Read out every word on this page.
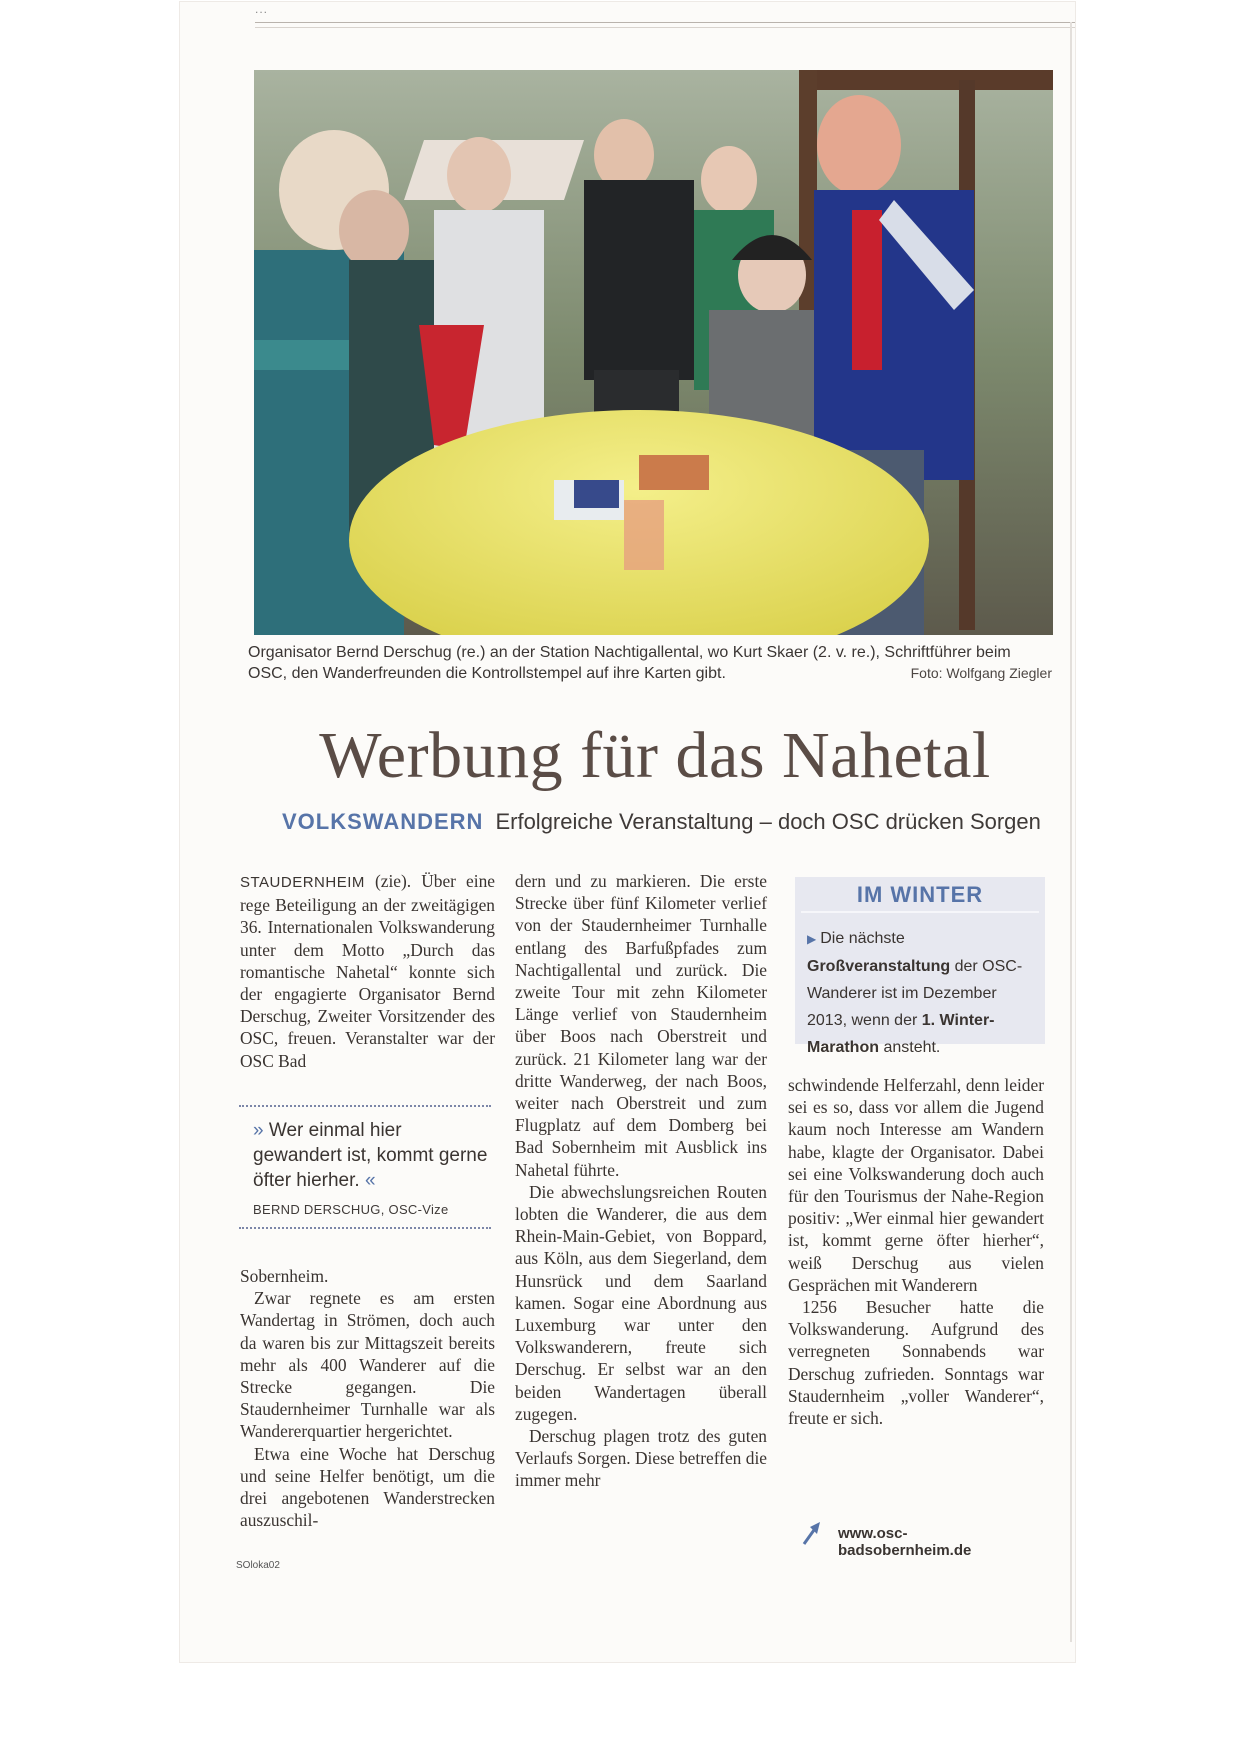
...
Organisator Bernd Derschug (re.) an der Station Nachtigallental, wo Kurt Skaer (2. v. re.), Schriftführer beim OSC, den Wanderfreunden die Kontrollstempel auf ihre Karten gibt.	Foto: Wolfgang Ziegler
Werbung für das Nahetal
VOLKSWANDERN Erfolgreiche Veranstaltung – doch OSC drücken Sorgen

STAUDERNHEIM (zie). Über eine rege Beteiligung an der zweitägigen 36. Internationalen Volkswanderung unter dem Motto „Durch das romantische Nahetal“ konnte sich der engagierte Organisator Bernd Derschug, Zweiter Vorsitzender des OSC, freuen. Veranstalter war der OSC Bad

» Wer einmal hier gewandert ist, kommt gerne öfter hierher. «
BERND DERSCHUG, OSC-Vize

Sobernheim.

Zwar regnete es am ersten Wandertag in Strömen, doch auch da waren bis zur Mittagszeit bereits mehr als 400 Wanderer auf die Strecke gegangen. Die Staudernheimer Turnhalle war als Wandererquartier hergerichtet.

Etwa eine Woche hat Derschug und seine Helfer benötigt, um die drei angebotenen Wanderstrecken auszuschil-

dern und zu markieren. Die erste Strecke über fünf Kilometer verlief von der Staudernheimer Turnhalle entlang des Barfußpfades zum Nachtigallental und zurück. Die zweite Tour mit zehn Kilometer Länge verlief von Staudernheim über Boos nach Oberstreit und zurück. 21 Kilometer lang war der dritte Wanderweg, der nach Boos, weiter nach Oberstreit und zum Flugplatz auf dem Domberg bei Bad Sobernheim mit Ausblick ins Nahetal führte.

Die abwechslungsreichen Routen lobten die Wanderer, die aus dem Rhein-Main-Gebiet, von Boppard, aus Köln, aus dem Siegerland, dem Hunsrück und dem Saarland kamen. Sogar eine Abordnung aus Luxemburg war unter den Volkswanderern, freute sich Derschug. Er selbst war an den beiden Wandertagen überall zugegen.

Derschug plagen trotz des guten Verlaufs Sorgen. Diese betreffen die immer mehr

IM WINTER
▶ Die nächste Großveranstaltung der OSC-Wanderer ist im Dezember 2013, wenn der 1. Winter-Marathon ansteht.

schwindende Helferzahl, denn leider sei es so, dass vor allem die Jugend kaum noch Interesse am Wandern habe, klagte der Organisator. Dabei sei eine Volkswanderung doch auch für den Tourismus der Nahe-Region positiv: „Wer einmal hier gewandert ist, kommt gerne öfter hierher“, weiß Derschug aus vielen Gesprächen mit Wanderern

1256 Besucher hatte die Volkswanderung. Aufgrund des verregneten Sonnabends war Derschug zufrieden. Sonntags war Staudernheim „voller Wanderer“, freute er sich.

www.osc-badsobernheim.de
SOloka02
